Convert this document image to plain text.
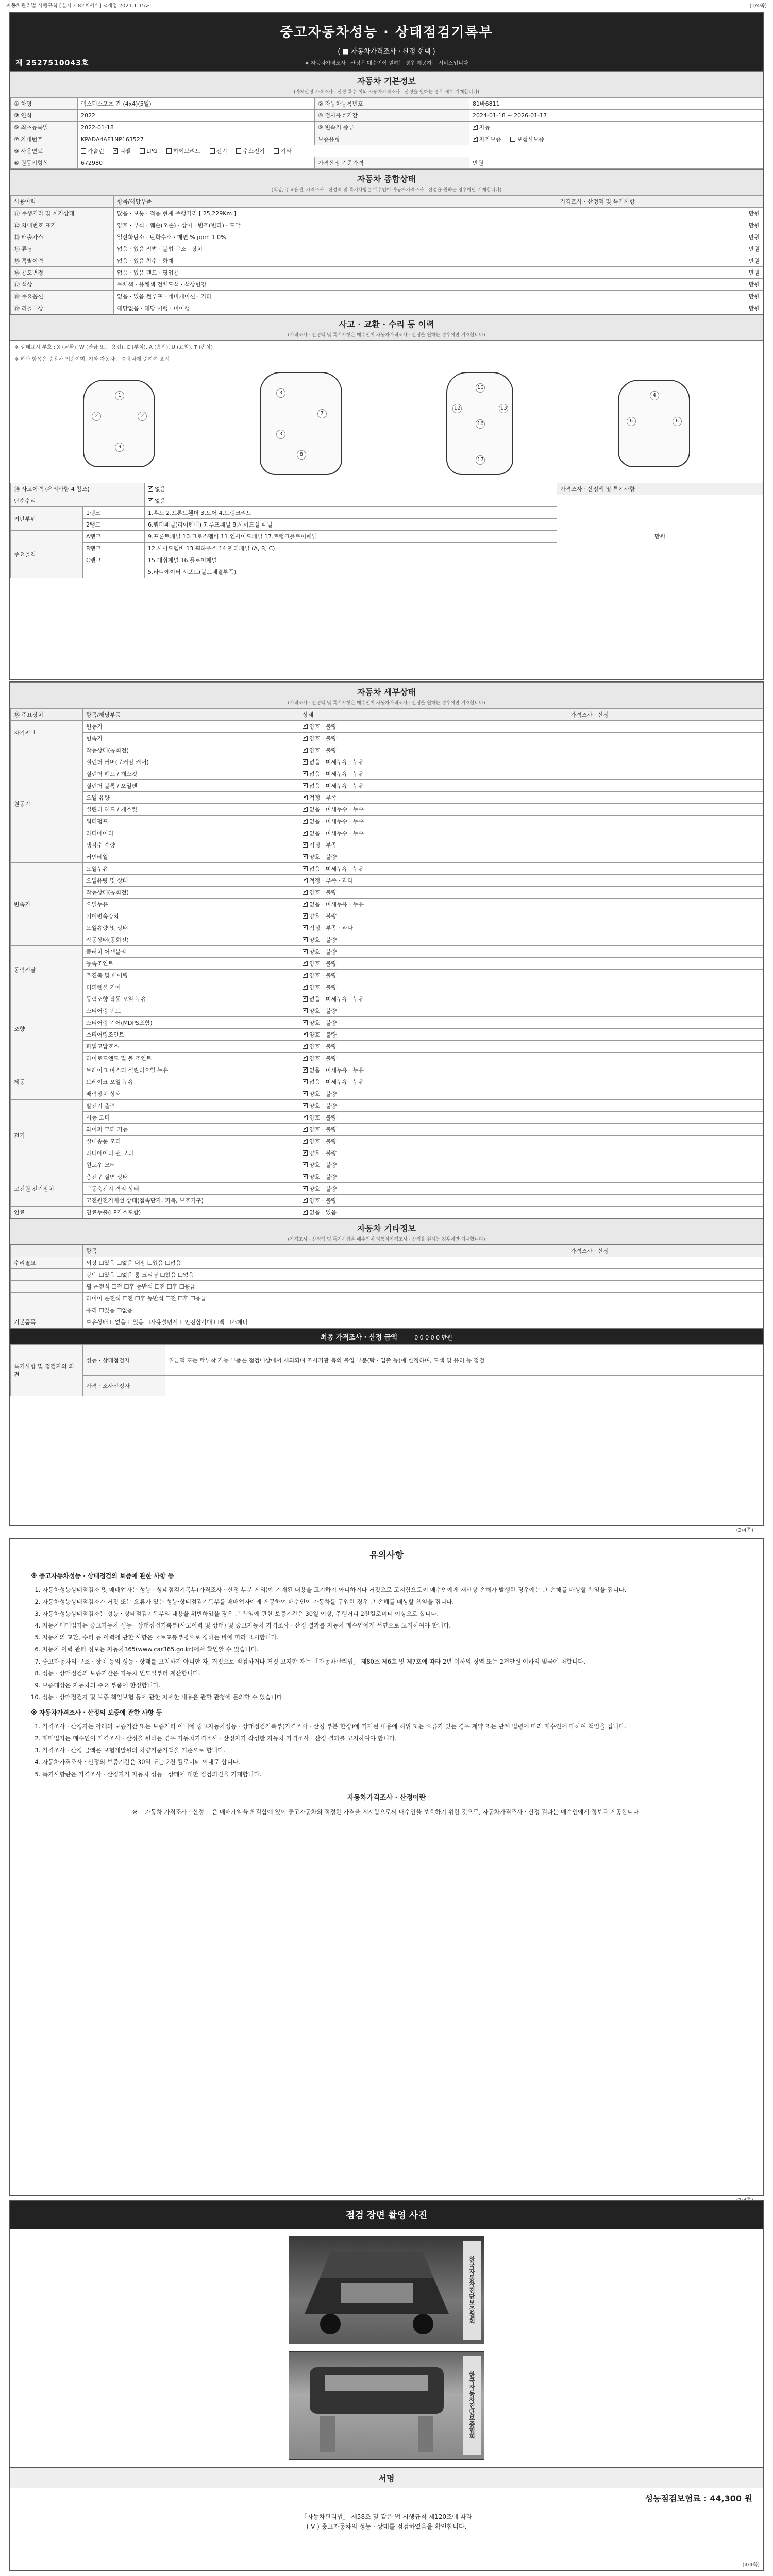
자동차관리법 시행규칙 [별지 제82호서식] <개정 2021.1.15>	(1/4쪽)
중고자동차성능 · 상태점검기록부
( ■ 자동차가격조사 · 산정 선택 )
※ 자동차가격조사 · 산정은 매수인이 원하는 경우 제공하는 서비스입니다
제 2527510043호
자동차 기본정보
(자체산정 가격조사 · 산정 특수 이외 자동차가격조사 · 산정을 원하는 경우 세부 기재합니다)
① 차명	렉스턴스포츠 칸 (4x4)(5일)	② 자동차등록번호	81바6811
③ 연식	2022	④ 검사유효기간	2024-01-18 ~ 2026-01-17
⑤ 최초등록일	2022-01-18	⑥ 변속기 종류	✓자동
⑦ 차대번호	KPADA4AE1NP163527	보증유형	✓자가보증 보험사보증
⑨ 사용연료	가솔린 ✓ 디젤 LPG 하이브리드 전기 수소전기 기타
⑩ 원동기형식	672980	가격산정 기준가격	만원
자동차 종합상태
(색상, 주요옵션, 가격조사 · 산정액 및 특기사항은 매수인이 자동차가격조사 · 산정을 원하는 경우에만 기재합니다)
사용이력	항목/해당부품	가격조사 · 산정액 및 특기사항
⑪ 주행거리 및 계기상태	많음 · 보통 · 적음 현재 주행거리 [ 25,229Km ]	만원
⑫ 차대번호 표기	양호 · 부식 · 훼손(오손) · 상이 · 변조(변타) · 도말	만원
⑬ 배출가스	일산화탄소 · 탄화수소 · 매연 % ppm 1.0%	만원
⑭ 튜닝	없음 · 있음 적법 · 불법 구조 · 장치	만원
⑮ 특별이력	없음 · 있음 침수 · 화재	만원
⑯ 용도변경	없음 · 있음 렌트 · 영업용	만원
⑰ 색상	무채색 · 유채색 전체도색 · 색상변경	만원
⑱ 주요옵션	없음 · 있음 썬루프 · 네비게이션 · 기타	만원
⑲ 리콜대상	해당없음 · 해당 이행 · 미이행	만원
사고 · 교환 · 수리 등 이력
(가격조사 · 산정액 및 특기사항은 매수인이 자동차가격조사 · 산정을 원하는 경우에만 기재합니다)
※ 상태표시 부호 : X (교환), W (판금 또는 용접), C (부식), A (흠집), U (요철), T (손상)
※ 하단 항목은 승용차 기준이며, 기타 자동차는 승용차에 준하여 표시
1
2	2
9
3
3
7
8
10
16
12	13
17
4
6	6
⑳ 사고이력 (유의사항 4 참조)	✓없음	가격조사 · 산정액 및 특기사항
단순수리	✓없음	만원
외판부위	1랭크	1.후드 2.프론트휀더 3.도어 4.트렁크리드	
	2랭크	6.쿼터패널(리어펜더) 7.루프패널 8.사이드실 패널	
주요골격	A랭크	9.프론트패널 10.크로스멤버 11.인사이드패널 17.트렁크플로어패널	
	B랭크	12.사이드멤버 13.휠하우스 14.필러패널 (A, B, C)	
	C랭크	15.대쉬패널 16.플로어패널	
		5.라디에이터 서포트(볼트체결부품)	
자동차 세부상태
(가격조사 · 산정액 및 특기사항은 매수인이 자동차가격조사 · 산정을 원하는 경우에만 기재합니다)
⑱ 주요장치	항목/해당부품	상태	가격조사 · 산정
자기진단	원동기	✓양호 · 불량	
	변속기	✓양호 · 불량	
원동기	작동상태(공회전)	✓양호 · 불량	
	실린더 커버(로커암 커버)	✓없음 · 미세누유 · 누유	
	실린더 헤드 / 개스킷	✓없음 · 미세누유 · 누유	
	실린더 블록 / 오일팬	✓없음 · 미세누유 · 누유	
	오일 유량	✓적정 · 부족	
	실린더 헤드 / 개스킷	✓없음 · 미세누수 · 누수	
	워터펌프	✓없음 · 미세누수 · 누수	
	라디에이터	✓없음 · 미세누수 · 누수	
	냉각수 수량	✓적정 · 부족	
	커먼레일	✓양호 · 불량	
변속기	오일누유	✓없음 · 미세누유 · 누유	
	오일유량 및 상태	✓적정 · 부족 · 과다	
	작동상태(공회전)	✓양호 · 불량	
	오일누유	✓없음 · 미세누유 · 누유	
	기어변속장치	✓양호 · 불량	
	오일유량 및 상태	✓적정 · 부족 · 과다	
	작동상태(공회전)	✓양호 · 불량	
동력전달	클러치 어셈블리	✓양호 · 불량	
	등속조인트	✓양호 · 불량	
	추진축 및 베어링	✓양호 · 불량	
	디퍼렌셜 기어	✓양호 · 불량	
조향	동력조향 작동 오일 누유	✓없음 · 미세누유 · 누유	
	스티어링 펌프	✓양호 · 불량	
	스티어링 기어(MDPS포함)	✓양호 · 불량	
	스티어링조인트	✓양호 · 불량	
	파워고압호스	✓양호 · 불량	
	타이로드엔드 및 볼 조인트	✓양호 · 불량	
제동	브레이크 마스터 실린더오일 누유	✓없음 · 미세누유 · 누유	
	브레이크 오일 누유	✓없음 · 미세누유 · 누유	
	배력장치 상태	✓양호 · 불량	
전기	발전기 출력	✓양호 · 불량	
	시동 모터	✓양호 · 불량	
	와이퍼 모터 기능	✓양호 · 불량	
	실내송풍 모터	✓양호 · 불량	
	라디에이터 팬 모터	✓양호 · 불량	
	윈도우 모터	✓양호 · 불량	
고전원 전기장치	충전구 절연 상태	✓양호 · 불량	
	구동축전지 격리 상태	✓양호 · 불량	
	고전원전기배선 상태(접속단자, 피복, 보호기구)	✓양호 · 불량	
연료	연료누출(LP가스포함)	✓없음 · 있음	
자동차 기타정보
(가격조사 · 산정액 및 특기사항은 매수인이 자동차가격조사 · 산정을 원하는 경우에만 기재합니다)
	항목	가격조사 · 산정
수리필요	외장 ☐있음 ☐없음 내장 ☐있음 ☐없음	
	광택 ☐있음 ☐없음 룸 크리닝 ☐있음 ☐없음	
	휠 운전석 ☐전 ☐후 동반석 ☐전 ☐후 ☐응급	
	타이어 운전석 ☐전 ☐후 동반석 ☐전 ☐후 ☐응급	
	유리 ☐있음 ☐없음	
기본품목	보유상태 ☐없음 ☐있음 ☐사용설명서 ☐안전삼각대 ☐잭 ☐스패너	
최종 가격조사 · 산정 금액	0 0 0 0 0 만원
특기사항 및 점검자의 의견	성능 · 상태점검자	위금액 또는 탈부착 가능 부품은 점검대상에서 제외되며 조사기관 측의 불입 부분(탁 · 입출 등)에 한정하며, 도색 및 유리 등 점검
	가격 · 조사산정자	
(2/4쪽)
유의사항
※ 중고자동차성능 · 상태점검의 보증에 관한 사항 등
1. 자동차성능상태점검자 및 매매업자는 성능 · 상태점검기록부(가격조사 · 산정 부분 제외)에 기재된 내용을 고지하지 아니하거나 거짓으로 고지함으로써 매수인에게 재산상 손해가 발생한 경우에는 그 손해를 배상할 책임을 집니다.
2. 자동차성능상태점검자가 거짓 또는 오류가 있는 성능·상태점검기록부를 매매업자에게 제공하여 매수인이 자동차를 구입한 경우 그 손해를 배상할 책임을 집니다.
3. 자동차성능상태점검자는 성능 · 상태점검기록부의 내용을 위반하였을 경우 그 책임에 관한 보증기간은 30일 이상, 주행거리 2천킬로미터 이상으로 합니다.
4. 자동차매매업자는 중고자동차 성능 · 상태점검기록부(사고이력 및 상태) 및 중고자동차 가격조사 · 산정 결과를 자동차 매수인에게 서면으로 고지하여야 합니다.
5. 자동차의 교환, 수리 등 이력에 관한 사항은 국토교통부령으로 정하는 바에 따라 표시합니다.
6. 자동차 이력 관리 정보는 자동차365(www.car365.go.kr)에서 확인할 수 있습니다.
7. 중고자동차의 구조 · 장치 등의 성능 · 상태를 고지하지 아니한 자, 거짓으로 점검하거나 거짓 고지한 자는 「자동차관리법」 제80조 제6호 및 제7호에 따라 2년 이하의 징역 또는 2천만원 이하의 벌금에 처합니다.
8. 성능 · 상태점검의 보증기간은 자동차 인도일부터 계산합니다.
9. 보증대상은 자동차의 주요 부품에 한정합니다.
10. 성능 · 상태점검자 및 보증 책임보험 등에 관한 자세한 내용은 관할 관청에 문의할 수 있습니다.
※ 자동차가격조사 · 산정의 보증에 관한 사항 등
1. 가격조사 · 산정자는 아래의 보증기간 또는 보증거리 이내에 중고자동차성능 · 상태점검기록부(가격조사 · 산정 부분 한정)에 기재된 내용에 허위 또는 오류가 있는 경우 계약 또는 관계 법령에 따라 매수인에 대하여 책임을 집니다.
2. 매매업자는 매수인이 가격조사 · 산정을 원하는 경우 자동차가격조사 · 산정자가 작성한 자동차 가격조사 · 산정 결과를 고지하여야 합니다.
3. 가격조사 · 산정 금액은 보험개발원의 차량기준가액을 기준으로 합니다.
4. 자동차가격조사 · 산정의 보증기간은 30일 또는 2천 킬로미터 이내로 합니다.
5. 특기사항란은 가격조사 · 산정자가 자동차 성능 · 상태에 대한 점검의견을 기재합니다.
자동차가격조사 · 산정이란
※ 「자동차 가격조사 · 산정」 은 매매계약을 체결함에 있어 중고자동차의 적정한 가격을 제시함으로써 매수인을 보호하기 위한 것으로, 자동차가격조사 · 산정 결과는 매수인에게 정보를 제공합니다.
점검 장면 촬영 사진
한국자동차진단보증협회
한국자동차진단보증협회
서명
성능점검보험료 : 44,300 원
「자동차관리법」 제58조 및 같은 법 시행규칙 제120조에 따라
( V ) 중고자동차의 성능 · 상태를 점검하였음을 확인합니다.
(4/4쪽)
